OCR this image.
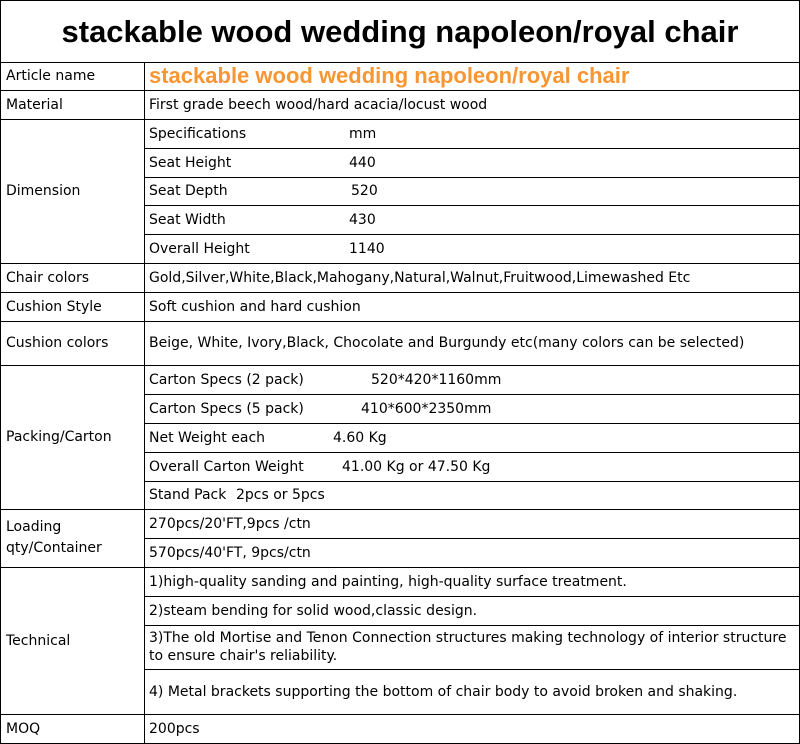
stackable wood wedding napoleon/royal chair
Article name	stackable wood wedding napoleon/royal chair
Material	First grade beech wood/hard acacia/locust wood
Dimension
Specifications	mm
Seat Height	440
Seat Depth	520
Seat Width	430
Overall Height	1140
Chair colors	Gold,Silver,White,Black,Mahogany,Natural,Walnut,Fruitwood,Limewashed Etc
Cushion Style	Soft cushion and hard cushion
Cushion colors	Beige, White, Ivory,Black, Chocolate and Burgundy etc(many colors can be selected)
Packing/Carton
Carton Specs (2 pack)	520*420*1160mm
Carton Specs (5 pack)	410*600*2350mm
Net Weight each	4.60 Kg
Overall Carton Weight	41.00 Kg or 47.50 Kg
Stand Pack 2pcs or 5pcs
Loading
qty/Container
270pcs/20'FT,9pcs /ctn
570pcs/40'FT, 9pcs/ctn
Technical
1)high-quality sanding and painting, high-quality surface treatment.
2)steam bending for solid wood,classic design.
3)The old Mortise and Tenon Connection structures making technology of interior structure to ensure chair's reliability.
4) Metal brackets supporting the bottom of chair body to avoid broken and shaking.
MOQ	200pcs
